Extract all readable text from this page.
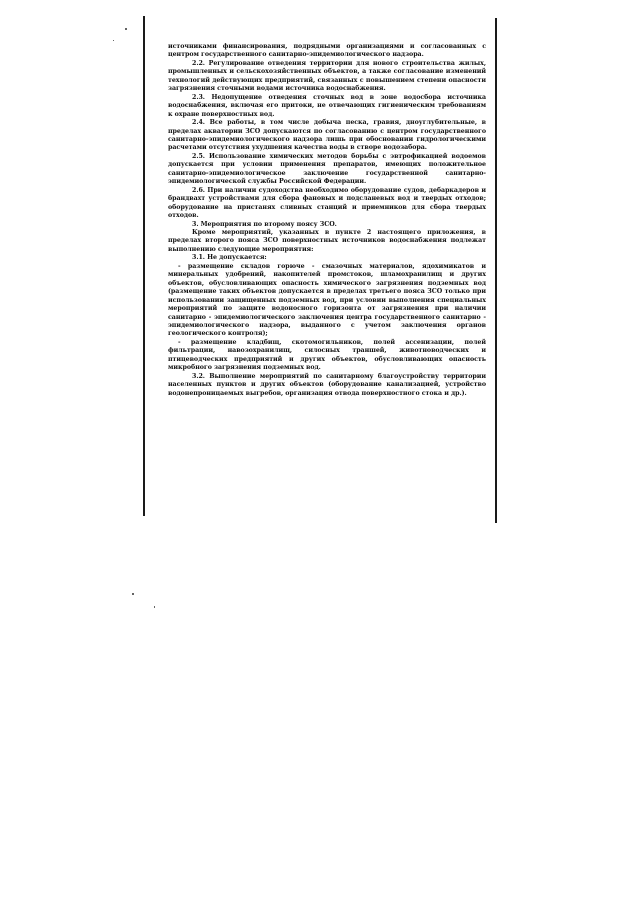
источниками финансирования, подрядными организациями и согласованных с центром государственного санитарно-эпидемиологического надзора.

2.2. Регулирование отведения территории для нового строительства жилых, промышленных и сельскохозяйственных объектов, а также согласование изменений технологий действующих предприятий, связанных с повышением степени опасности загрязнения сточными водами источника водоснабжения.

2.3. Недопущение отведения сточных вод в зоне водосбора источника водоснабжения, включая его притоки, не отвечающих гигиеническим требованиям к охране поверхностных вод.

2.4. Все работы, в том числе добыча песка, гравия, дноуглубительные, в пределах акватории ЗСО допускаются по согласованию с центром государственного санитарно-эпидемиологического надзора лишь при обосновании гидрологическими расчетами отсутствия ухудшения качества воды в створе водозабора.

2.5. Использование химических методов борьбы с эвтрофикацией водоемов допускается при условии применения препаратов, имеющих положительное санитарно-эпидемиологическое заключение государственной санитарно-эпидемиологической службы Российской Федерации.

2.6. При наличии судоходства необходимо оборудование судов, дебаркадеров и брандвахт устройствами для сбора фановых и подсланевых вод и твердых отходов; оборудование на пристанях сливных станций и приемников для сбора твердых отходов.

3. Мероприятия по второму поясу ЗСО.

Кроме мероприятий, указанных в пункте 2 настоящего приложения, в пределах второго пояса ЗСО поверхностных источников водоснабжения подлежат выполнению следующие мероприятия:

3.1. Не допускается:

- размещение складов горюче - смазочных материалов, ядохимикатов и минеральных удобрений, накопителей промстоков, шламохранилищ и других объектов, обусловливающих опасность химического загрязнения подземных вод (размещение таких объектов допускается в пределах третьего пояса ЗСО только при использовании защищенных подземных вод, при условии выполнения специальных мероприятий по защите водоносного горизонта от загрязнения при наличии санитарно - эпидемиологического заключения центра государственного санитарно - эпидемиологического надзора, выданного с учетом заключения органов геологического контроля);

- размещение кладбищ, скотомогильников, полей ассенизации, полей фильтрации, навозохранилищ, силосных траншей, животноводческих и птицеводческих предприятий и других объектов, обусловливающих опасность микробного загрязнения подземных вод.

3.2. Выполнение мероприятий по санитарному благоустройству территории населенных пунктов и других объектов (оборудование канализацией, устройство водонепроницаемых выгребов, организация отвода поверхностного стока и др.).
